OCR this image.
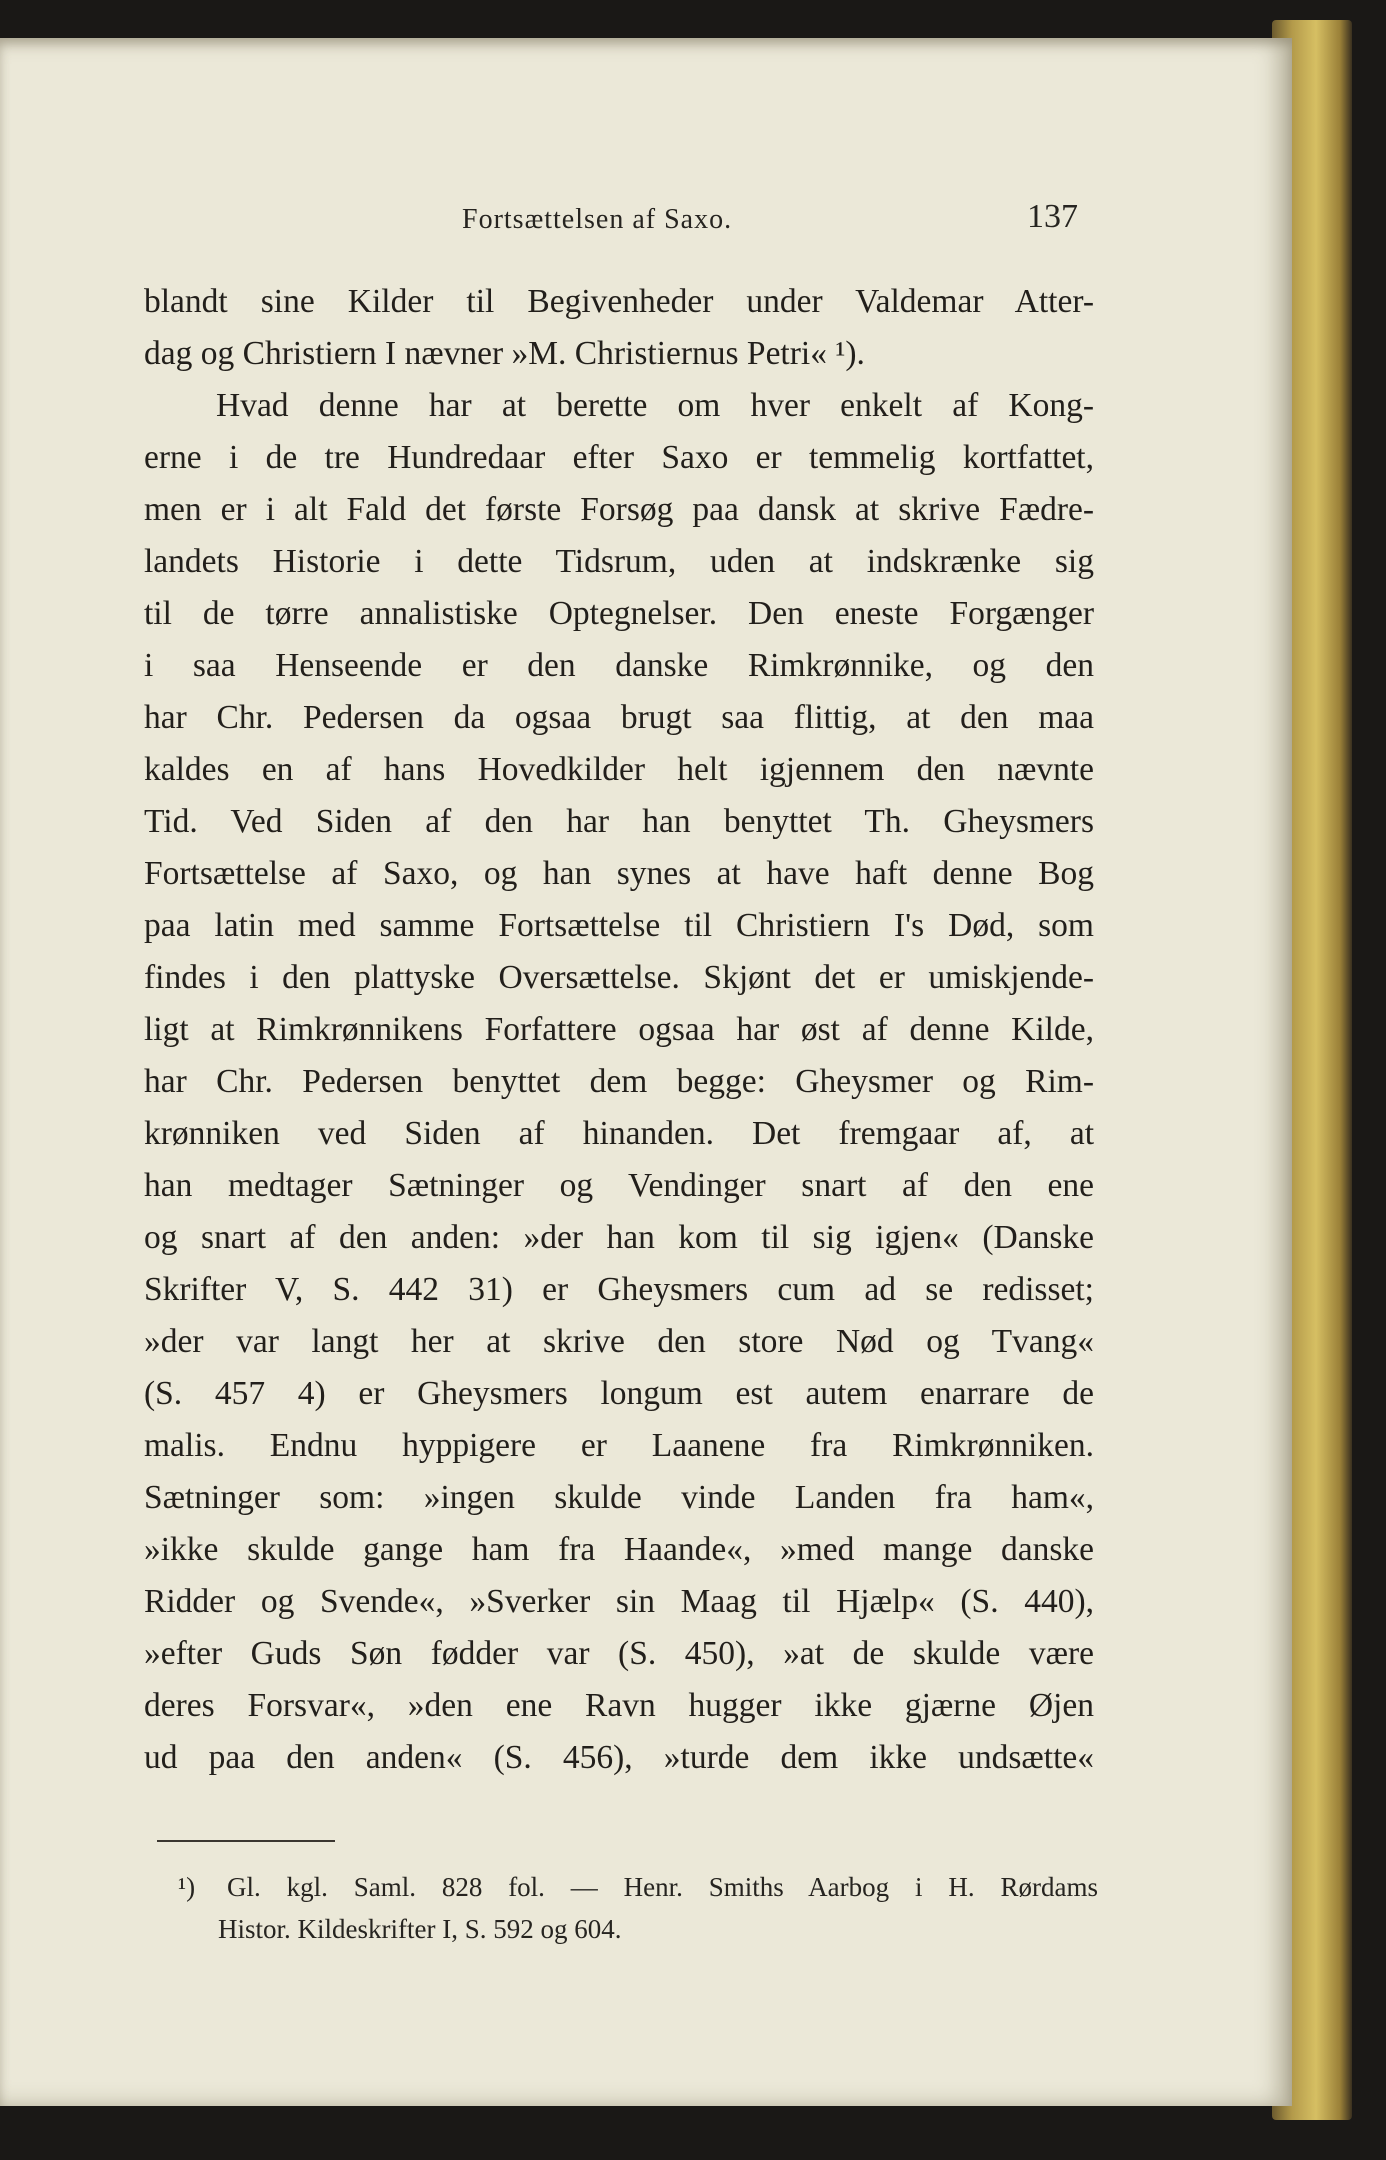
Fortsættelsen af Saxo.	137
blandt sine Kilder til Begivenheder under Valdemar Atter-
dag og Christiern I nævner »M. Christiernus Petri« ¹).
Hvad denne har at berette om hver enkelt af Kong-
erne i de tre Hundredaar efter Saxo er temmelig kortfattet,
men er i alt Fald det første Forsøg paa dansk at skrive Fædre-
landets Historie i dette Tidsrum, uden at indskrænke sig
til de tørre annalistiske Optegnelser. Den eneste Forgænger
i saa Henseende er den danske Rimkrønnike, og den
har Chr. Pedersen da ogsaa brugt saa flittig, at den maa
kaldes en af hans Hovedkilder helt igjennem den nævnte
Tid. Ved Siden af den har han benyttet Th. Gheysmers
Fortsættelse af Saxo, og han synes at have haft denne Bog
paa latin med samme Fortsættelse til Christiern I's Død, som
findes i den plattyske Oversættelse. Skjønt det er umiskjende-
ligt at Rimkrønnikens Forfattere ogsaa har øst af denne Kilde,
har Chr. Pedersen benyttet dem begge: Gheysmer og Rim-
krønniken ved Siden af hinanden. Det fremgaar af, at
han medtager Sætninger og Vendinger snart af den ene
og snart af den anden: »der han kom til sig igjen« (Danske
Skrifter V, S. 442 31) er Gheysmers cum ad se redisset;
»der var langt her at skrive den store Nød og Tvang«
(S. 457 4) er Gheysmers longum est autem enarrare de
malis. Endnu hyppigere er Laanene fra Rimkrønniken.
Sætninger som: »ingen skulde vinde Landen fra ham«,
»ikke skulde gange ham fra Haande«, »med mange danske
Ridder og Svende«, »Sverker sin Maag til Hjælp« (S. 440),
»efter Guds Søn fødder var (S. 450), »at de skulde være
deres Forsvar«, »den ene Ravn hugger ikke gjærne Øjen
ud paa den anden« (S. 456), »turde dem ikke undsætte«
¹) Gl. kgl. Saml. 828 fol. — Henr. Smiths Aarbog i H. Rørdams
Histor. Kildeskrifter I, S. 592 og 604.
